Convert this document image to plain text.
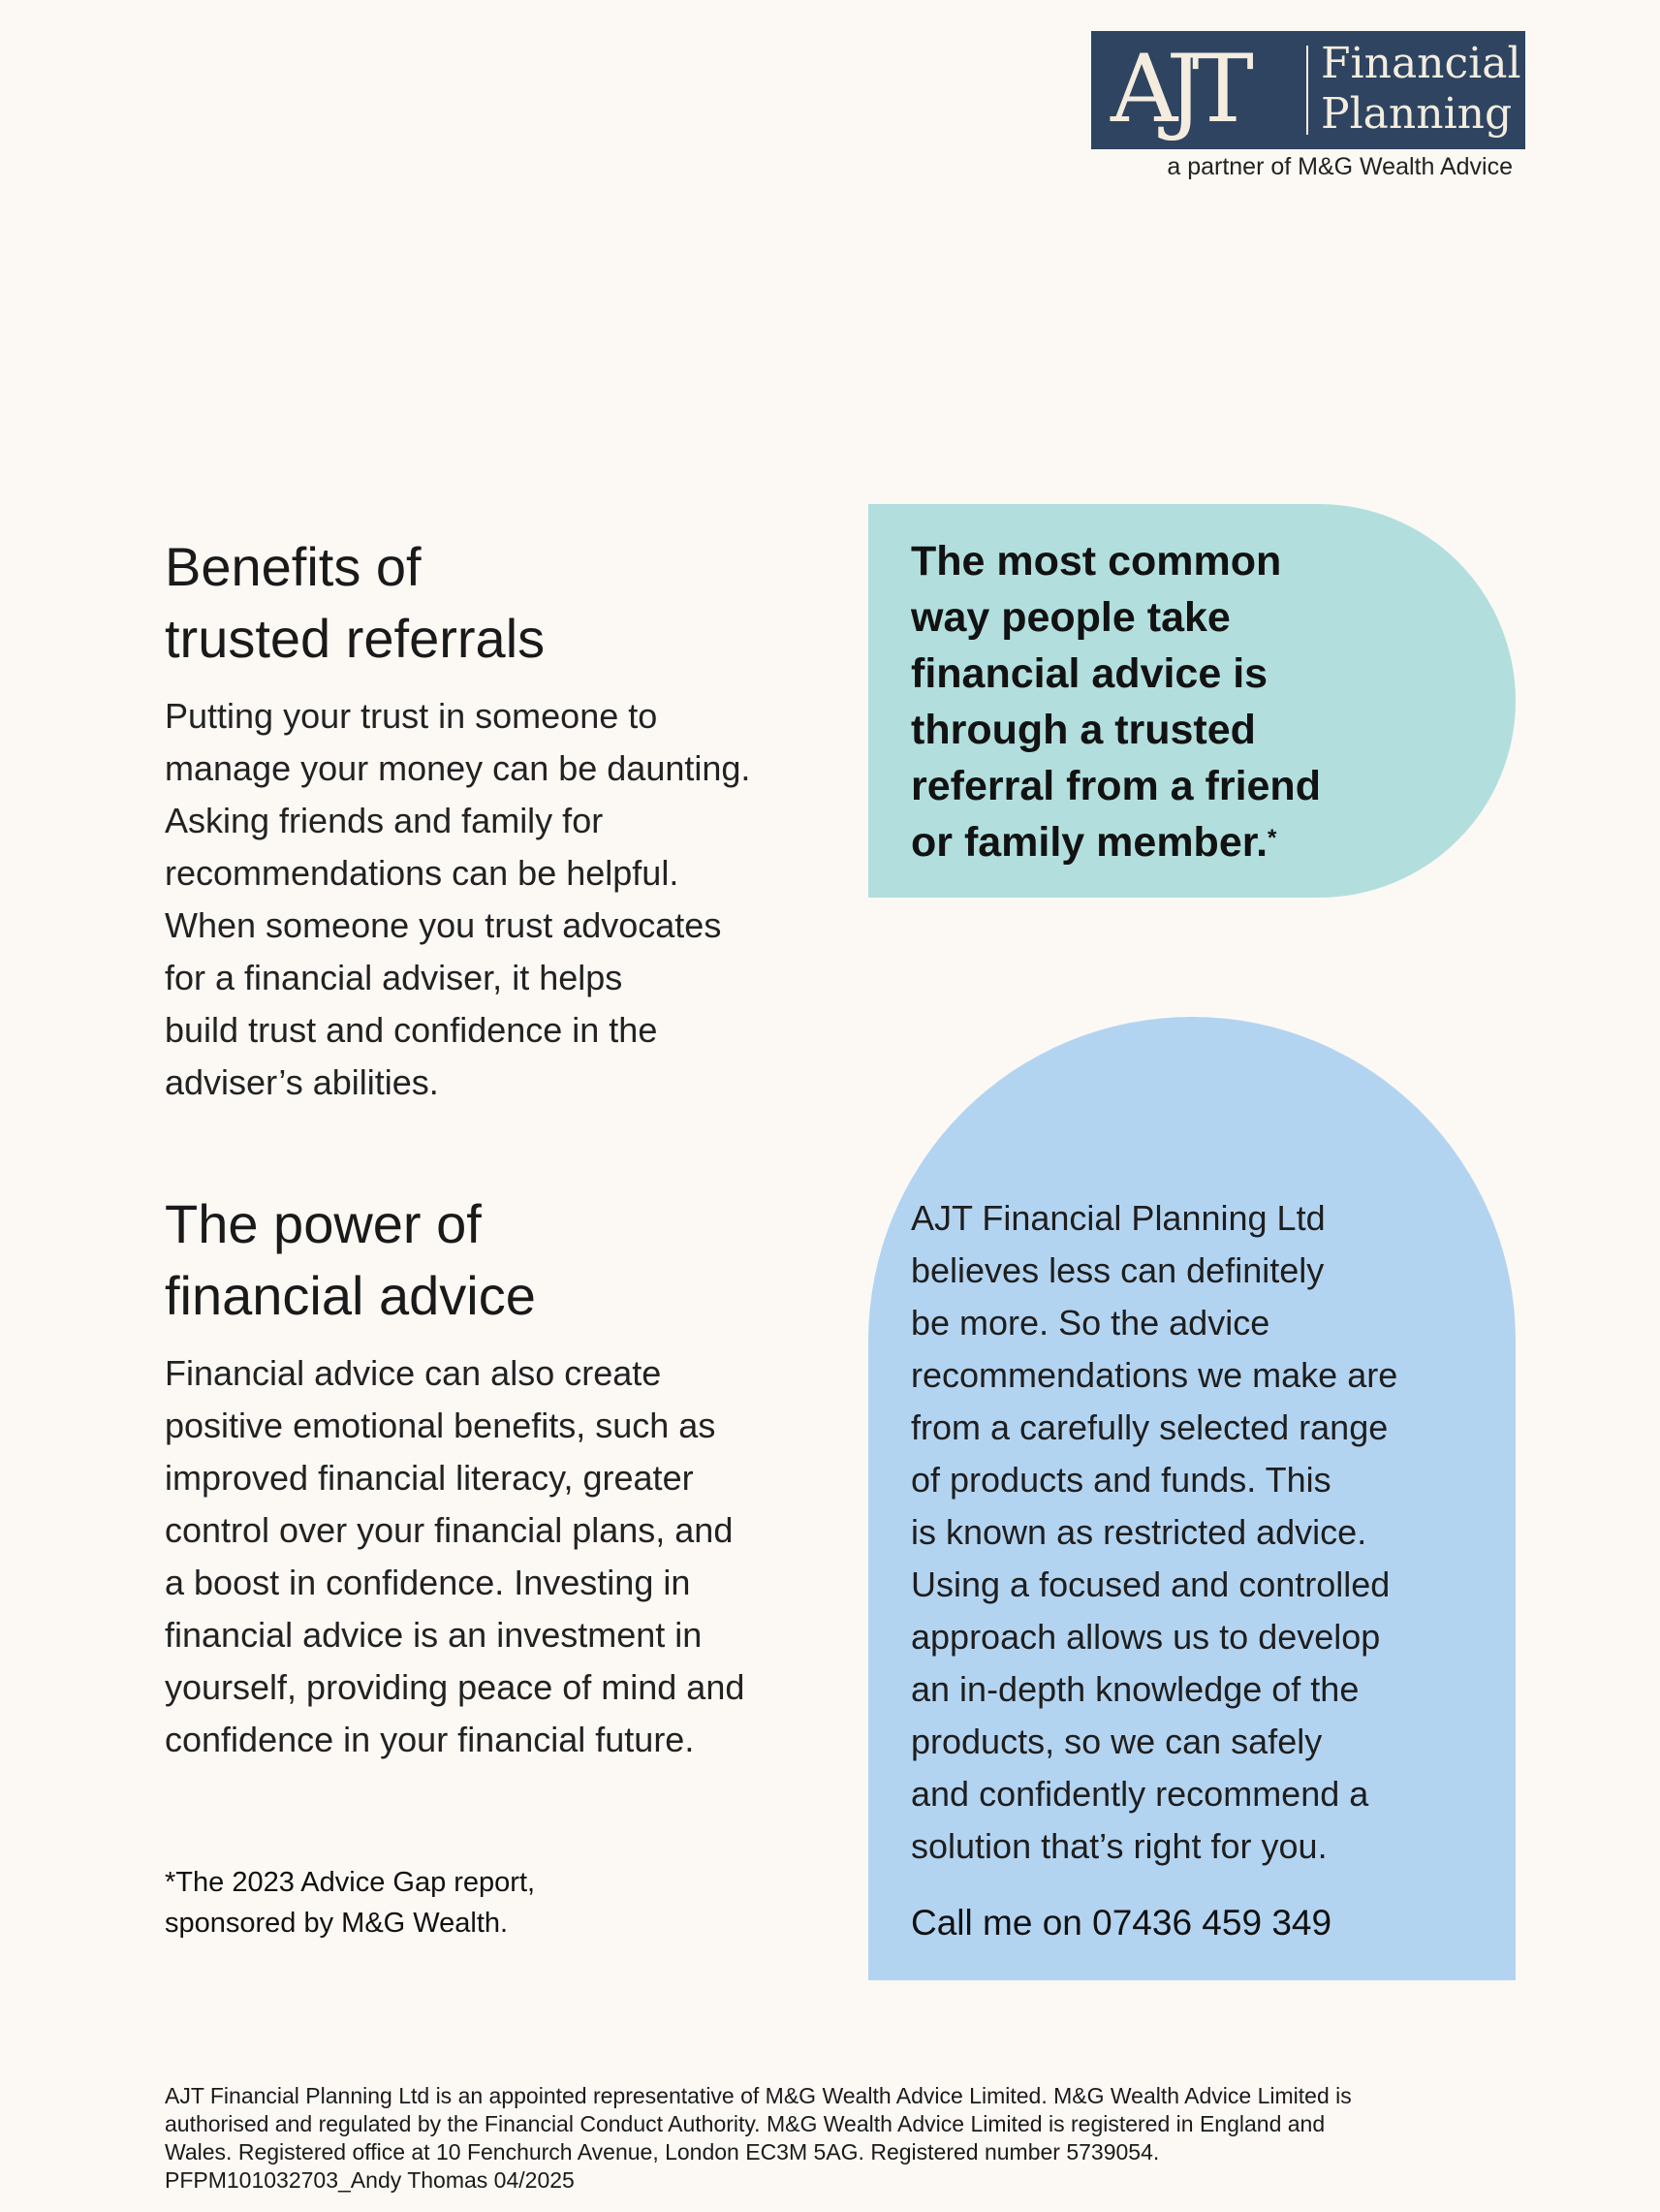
AJT Financial
Planning
a partner of M&G Wealth Advice
Benefits of
trusted referrals
Putting your trust in someone to
manage your money can be daunting.
Asking friends and family for
recommendations can be helpful.
When someone you trust advocates
for a financial adviser, it helps
build trust and confidence in the
adviser’s abilities.
The power of
financial advice
Financial advice can also create
positive emotional benefits, such as
improved financial literacy, greater
control over your financial plans, and
a boost in confidence. Investing in
financial advice is an investment in
yourself, providing peace of mind and
confidence in your financial future.
*The 2023 Advice Gap report,
sponsored by M&G Wealth.
The most common
way people take
financial advice is
through a trusted
referral from a friend
or family member.*
AJT Financial Planning Ltd
believes less can definitely
be more. So the advice
recommendations we make are
from a carefully selected range
of products and funds. This
is known as restricted advice.
Using a focused and controlled
approach allows us to develop
an in-depth knowledge of the
products, so we can safely
and confidently recommend a
solution that’s right for you.
Call me on 07436 459 349
AJT Financial Planning Ltd is an appointed representative of M&G Wealth Advice Limited. M&G Wealth Advice Limited is
authorised and regulated by the Financial Conduct Authority. M&G Wealth Advice Limited is registered in England and
Wales. Registered office at 10 Fenchurch Avenue, London EC3M 5AG. Registered number 5739054.
PFPM101032703_Andy Thomas 04/2025
